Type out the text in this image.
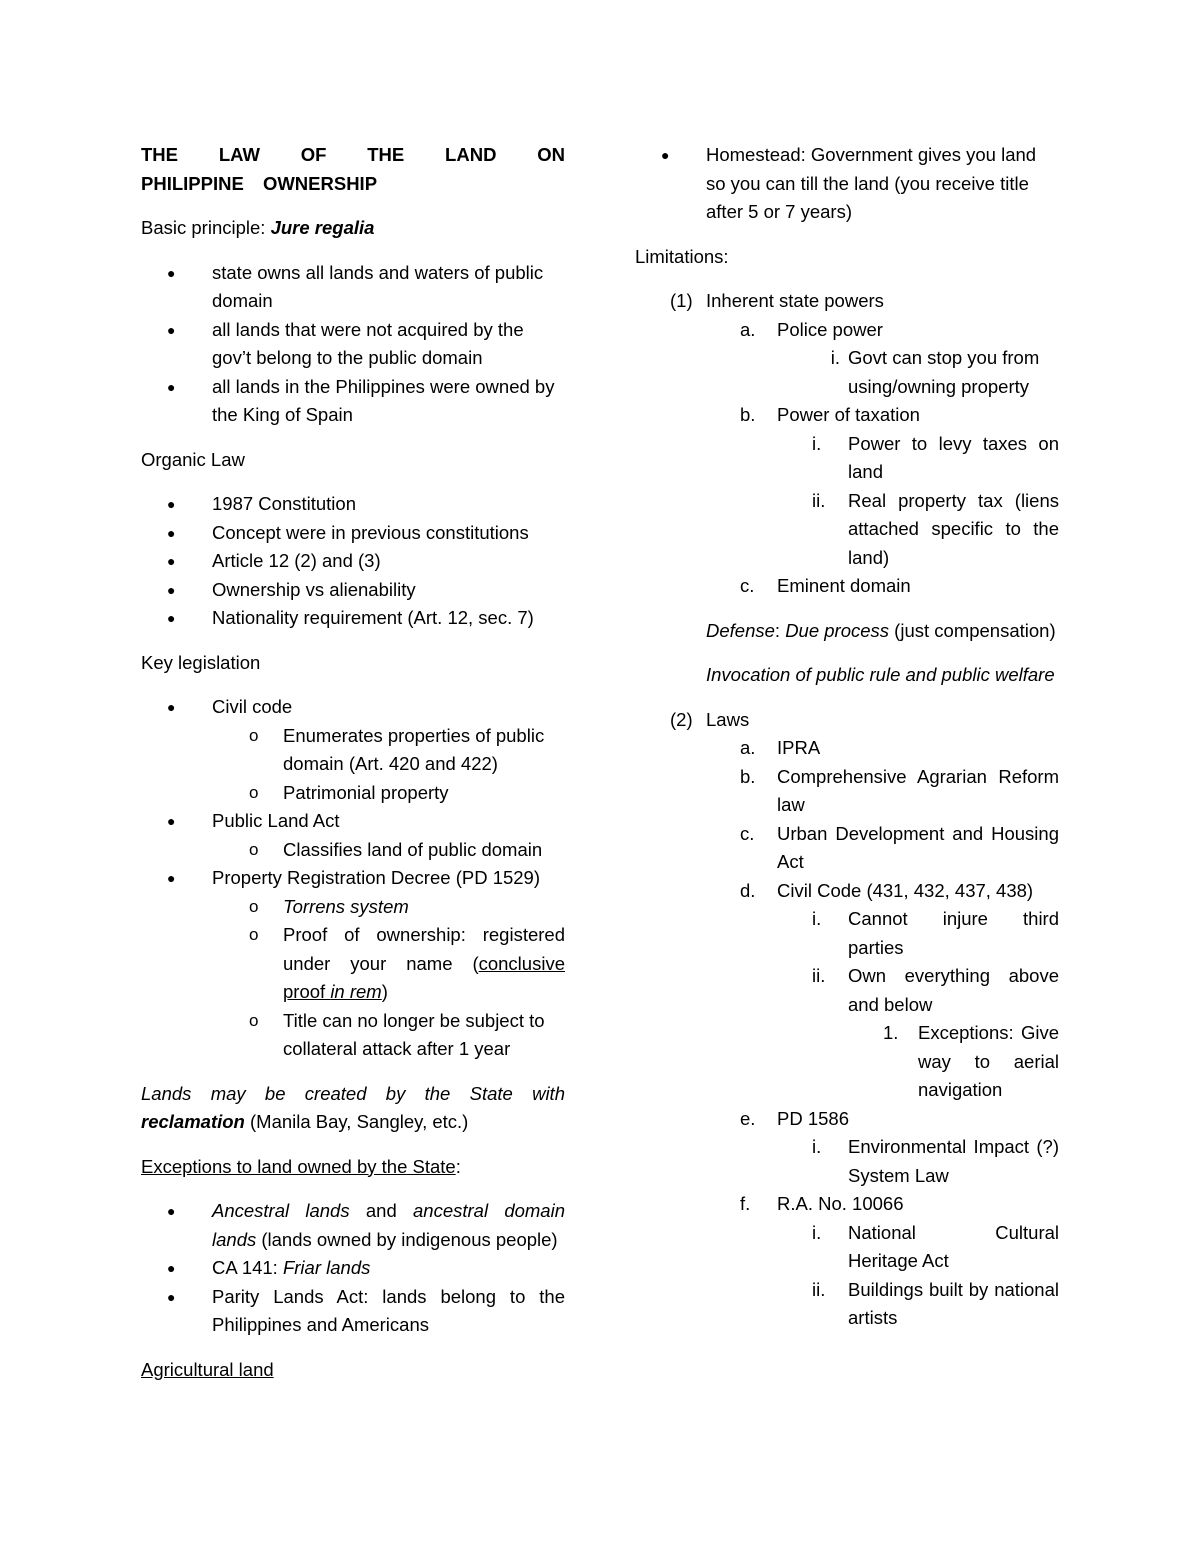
THE LAW OF THE LAND ON PHILIPPINE OWNERSHIP

Basic principle: Jure regalia

●	state owns all lands and waters of public domain
●	all lands that were not acquired by the gov’t belong to the public domain
●	all lands in the Philippines were owned by the King of Spain

Organic Law

●	1987 Constitution
●	Concept were in previous constitutions
●	Article 12 (2) and (3)
●	Ownership vs alienability
●	Nationality requirement (Art. 12, sec. 7)

Key legislation

●	Civil code
o	Enumerates properties of public domain (Art. 420 and 422)
o	Patrimonial property
●	Public Land Act
o	Classifies land of public domain
●	Property Registration Decree (PD 1529)
o	Torrens system
o	Proof of ownership: registered under your name (conclusive proof in rem)
o	Title can no longer be subject to collateral attack after 1 year

Lands may be created by the State with reclamation (Manila Bay, Sangley, etc.)

Exceptions to land owned by the State:

●	Ancestral lands and ancestral domain lands (lands owned by indigenous people)
●	CA 141: Friar lands
●	Parity Lands Act: lands belong to the Philippines and Americans

Agricultural land

●	Homestead: Government gives you land so you can till the land (you receive title after 5 or 7 years)

Limitations:

(1) Inherent state powers
a.	Police power
i. Govt can stop you from using/owning property
b.	Power of taxation
i.	Power to levy taxes on land
ii.	Real property tax (liens attached specific to the land)
c.	Eminent domain

Defense: Due process (just compensation)

Invocation of public rule and public welfare

(2) Laws
a.	IPRA
b.	Comprehensive Agrarian Reform law
c.	Urban Development and Housing Act
d.	Civil Code (431, 432, 437, 438)
i.	Cannot injure third parties
ii.	Own everything above and below
1.	Exceptions: Give way to aerial navigation
e.	PD 1586
i.	Environmental Impact (?) System Law
f.	R.A. No. 10066
i.	National Cultural Heritage Act
ii.	Buildings built by national artists
